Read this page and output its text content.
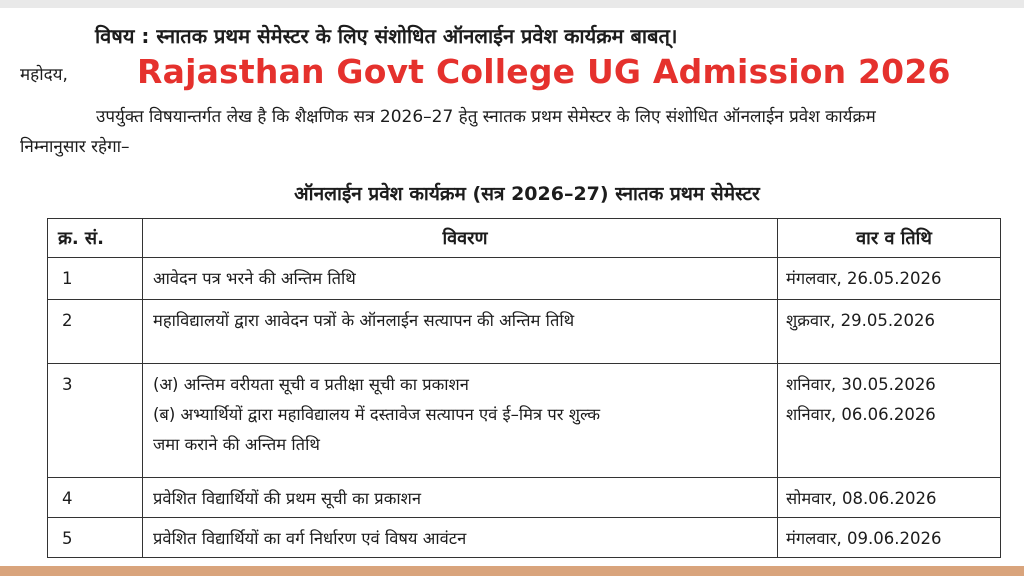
विषय : स्नातक प्रथम सेमेस्टर के लिए संशोधित ऑनलाईन प्रवेश कार्यक्रम बाबत्।
महोदय, Rajasthan Govt College UG Admission 2026
उपर्युक्त विषयान्तर्गत लेख है कि शैक्षणिक सत्र 2026–27 हेतु स्नातक प्रथम सेमेस्टर के लिए संशोधित ऑनलाईन प्रवेश कार्यक्रम निम्नानुसार रहेगा–
ऑनलाईन प्रवेश कार्यक्रम (सत्र 2026–27) स्नातक प्रथम सेमेस्टर
क्र. सं.	विवरण	वार व तिथि
1	आवेदन पत्र भरने की अन्तिम तिथि	मंगलवार, 26.05.2026

2	महाविद्यालयों द्वारा आवेदन पत्रों के ऑनलाईन सत्यापन की अन्तिम तिथि	शुक्रवार, 29.05.2026

3	(अ) अन्तिम वरीयता सूची व प्रतीक्षा सूची का प्रकाशन
(ब) अभ्यार्थियों द्वारा महाविद्यालय में दस्तावेज सत्यापन एवं ई–मित्र पर शुल्क
जमा कराने की अन्तिम तिथि	शनिवार, 30.05.2026
शनिवार, 06.06.2026

4	प्रवेशित विद्यार्थियों की प्रथम सूची का प्रकाशन	सोमवार, 08.06.2026

5	प्रवेशित विद्यार्थियों का वर्ग निर्धारण एवं विषय आवंटन	मंगलवार, 09.06.2026
